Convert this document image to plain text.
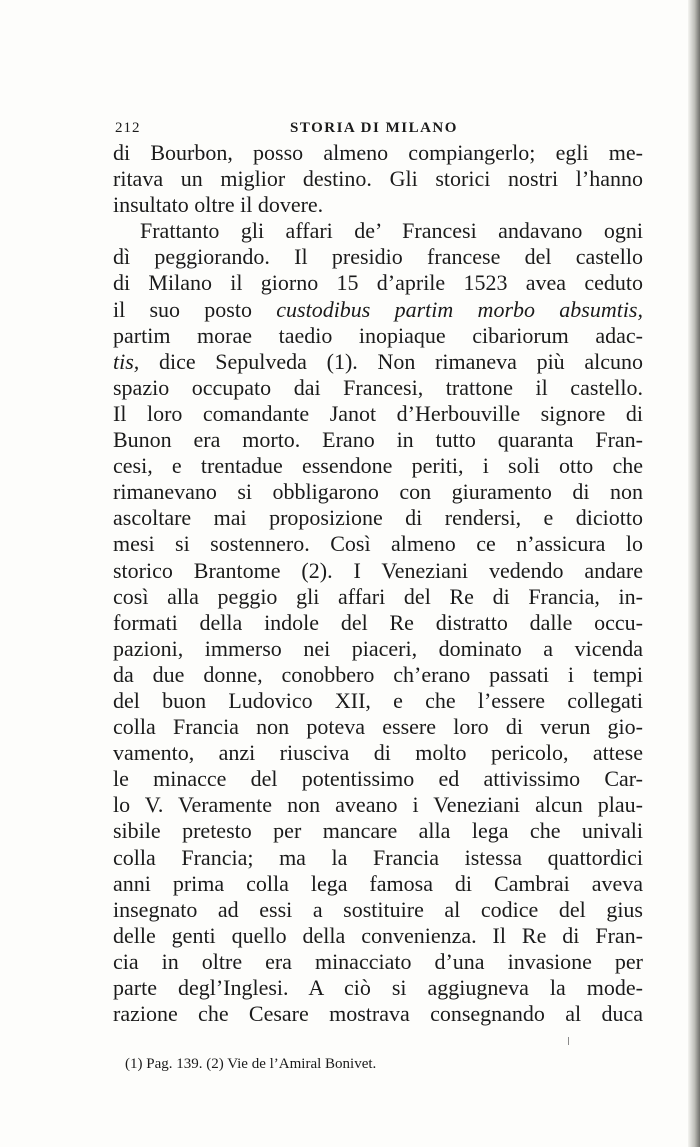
212	STORIA DI MILANO
di Bourbon, posso almeno compiangerlo; egli me-
ritava un miglior destino. Gli storici nostri l’hanno
insultato oltre il dovere.
Frattanto gli affari de’ Francesi andavano ogni
dì peggiorando. Il presidio francese del castello
di Milano il giorno 15 d’aprile 1523 avea ceduto
il suo posto custodibus partim morbo absumtis,
partim morae taedio inopiaque cibariorum adac-
tis, dice Sepulveda (1). Non rimaneva più alcuno
spazio occupato dai Francesi, trattone il castello.
Il loro comandante Janot d’Herbouville signore di
Bunon era morto. Erano in tutto quaranta Fran-
cesi, e trentadue essendone periti, i soli otto che
rimanevano si obbligarono con giuramento di non
ascoltare mai proposizione di rendersi, e diciotto
mesi si sostennero. Così almeno ce n’assicura lo
storico Brantome (2). I Veneziani vedendo andare
così alla peggio gli affari del Re di Francia, in-
formati della indole del Re distratto dalle occu-
pazioni, immerso nei piaceri, dominato a vicenda
da due donne, conobbero ch’erano passati i tempi
del buon Ludovico XII, e che l’essere collegati
colla Francia non poteva essere loro di verun gio-
vamento, anzi riusciva di molto pericolo, attese
le minacce del potentissimo ed attivissimo Car-
lo V. Veramente non aveano i Veneziani alcun plau-
sibile pretesto per mancare alla lega che univali
colla Francia; ma la Francia istessa quattordici
anni prima colla lega famosa di Cambrai aveva
insegnato ad essi a sostituire al codice del gius
delle genti quello della convenienza. Il Re di Fran-
cia in oltre era minacciato d’una invasione per
parte degl’Inglesi. A ciò si aggiugneva la mode-
razione che Cesare mostrava consegnando al duca
(1) Pag. 139. (2) Vie de l’Amiral Bonivet.
